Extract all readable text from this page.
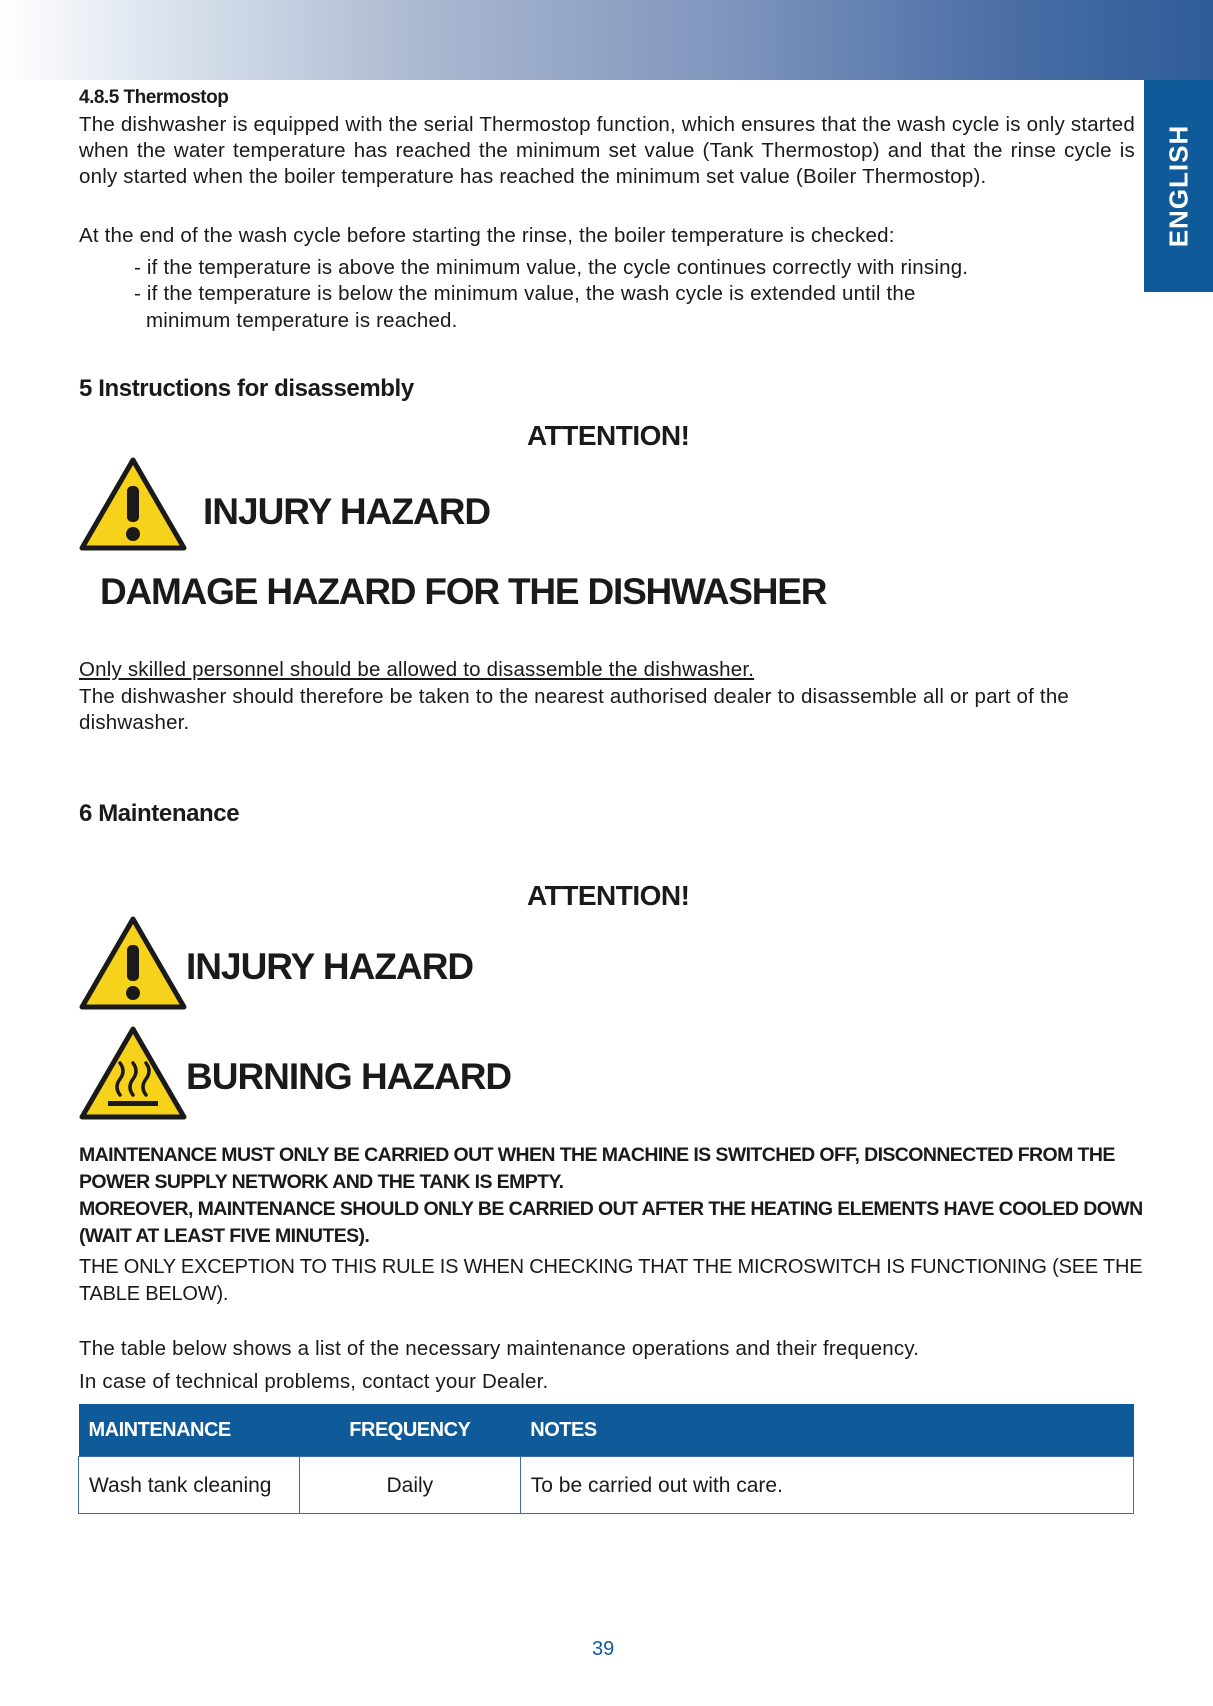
ENGLISH
4.8.5 Thermostop
The dishwasher is equipped with the serial Thermostop function, which ensures that the wash cycle is only started when the water temperature has reached the minimum set value (Tank Thermostop) and that the rinse cycle is only started when the boiler temperature has reached the minimum set value (Boiler Thermostop).
At the end of the wash cycle before starting the rinse, the boiler temperature is checked:
- if the temperature is above the minimum value, the cycle continues correctly with rinsing.
- if the temperature is below the minimum value, the wash cycle is extended until the
minimum temperature is reached.
5 Instructions for disassembly
ATTENTION!
INJURY HAZARD
DAMAGE HAZARD FOR THE DISHWASHER
Only skilled personnel should be allowed to disassemble the dishwasher.
The dishwasher should therefore be taken to the nearest authorised dealer to disassemble all or part of the dishwasher.
6 Maintenance
ATTENTION!
INJURY HAZARD
BURNING HAZARD
MAINTENANCE MUST ONLY BE CARRIED OUT WHEN THE MACHINE IS SWITCHED OFF, DISCONNECTED FROM THE POWER SUPPLY NETWORK AND THE TANK IS EMPTY.
MOREOVER, MAINTENANCE SHOULD ONLY BE CARRIED OUT AFTER THE HEATING ELEMENTS HAVE COOLED DOWN (WAIT AT LEAST FIVE MINUTES).
THE ONLY EXCEPTION TO THIS RULE IS WHEN CHECKING THAT THE MICROSWITCH IS FUNCTIONING (SEE THE TABLE BELOW).
The table below shows a list of the necessary maintenance operations and their frequency.
In case of technical problems, contact your Dealer.
MAINTENANCE	FREQUENCY	NOTES
Wash tank cleaning	Daily	To be carried out with care.
39
